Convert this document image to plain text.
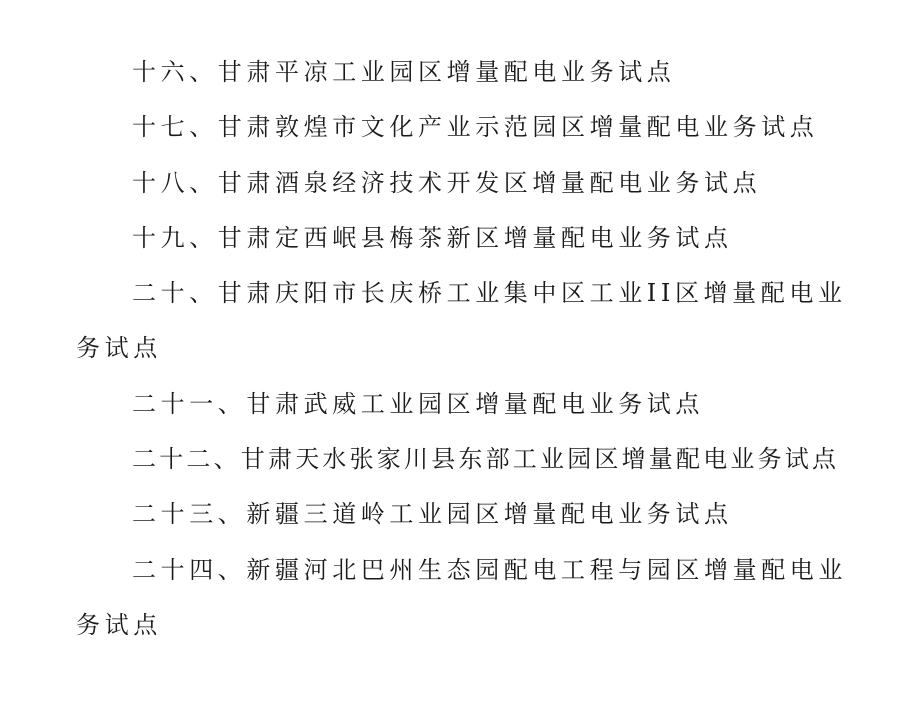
十六、甘肃平凉工业园区增量配电业务试点

十七、甘肃敦煌市文化产业示范园区增量配电业务试点

十八、甘肃酒泉经济技术开发区增量配电业务试点

十九、甘肃定西岷县梅茶新区增量配电业务试点

二十、甘肃庆阳市长庆桥工业集中区工业II区增量配电业务试点

二十一、甘肃武威工业园区增量配电业务试点

二十二、甘肃天水张家川县东部工业园区增量配电业务试点

二十三、新疆三道岭工业园区增量配电业务试点

二十四、新疆河北巴州生态园配电工程与园区增量配电业务试点
